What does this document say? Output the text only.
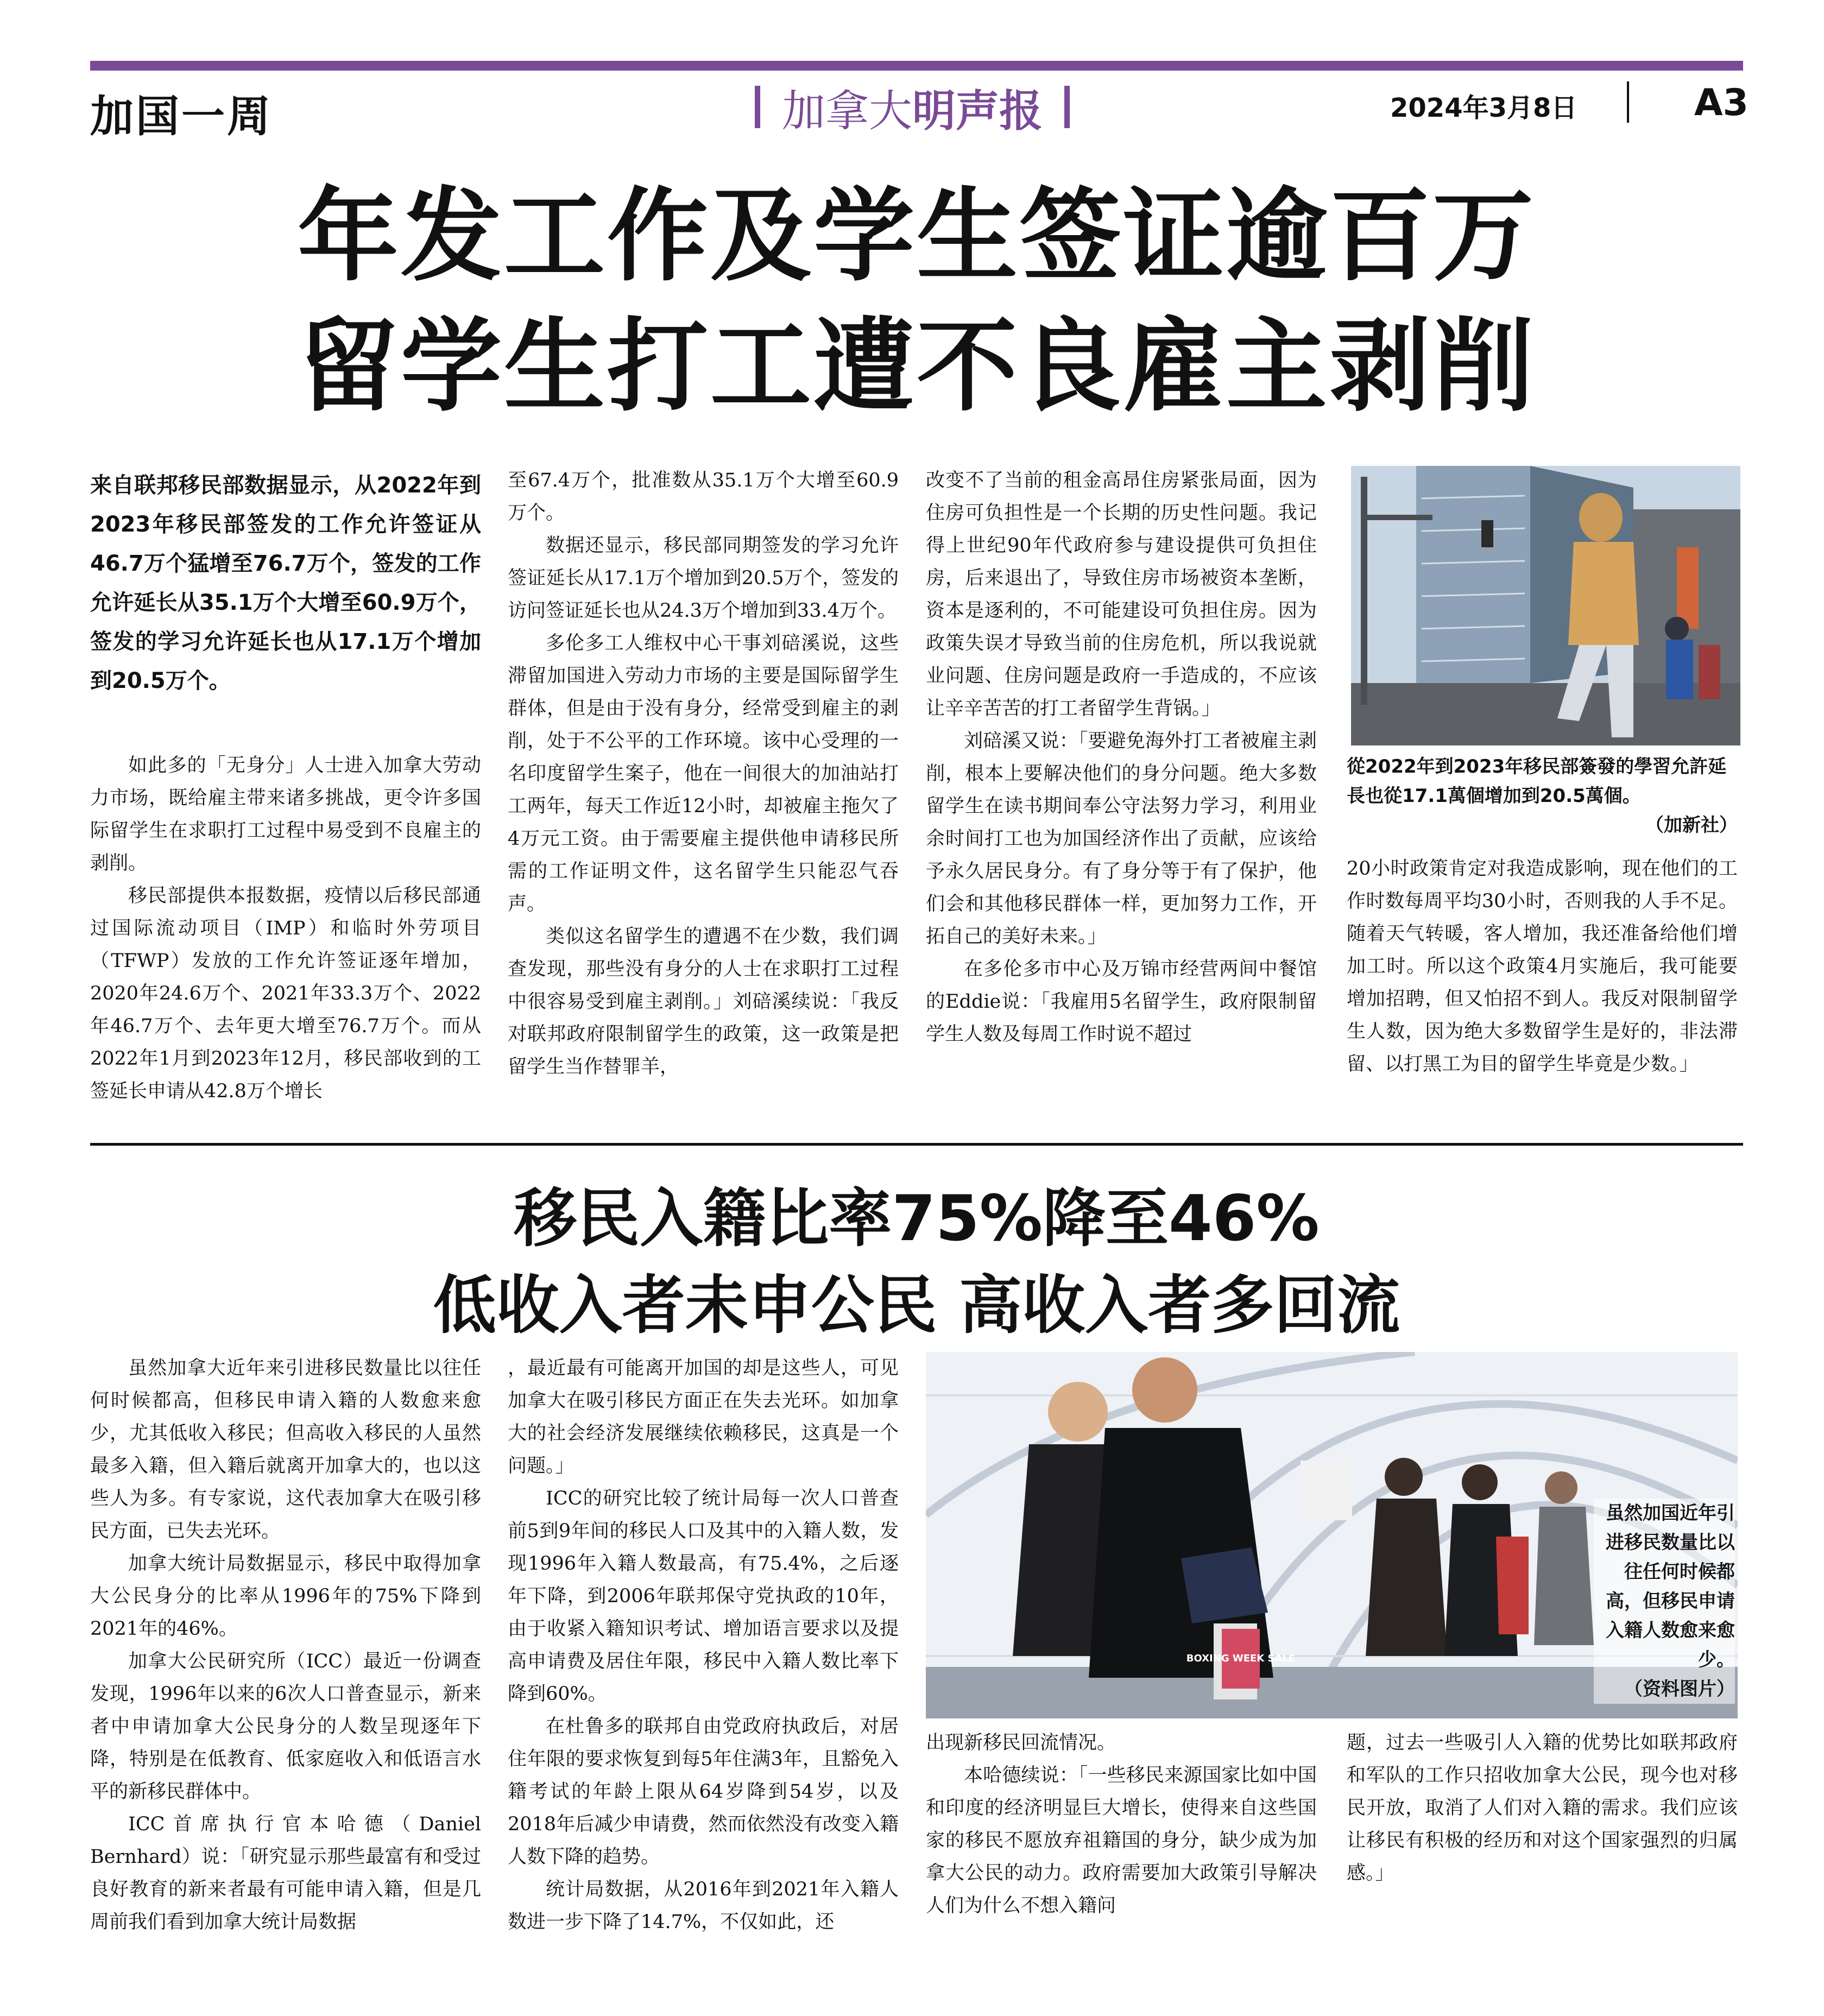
加国一周	加拿大 明声报	2024年3月8日	A3
年发工作及学生签证逾百万
留学生打工遭不良雇主剥削
来自联邦移民部数据显示，从2022年到2023年移民部签发的工作允许签证从46.7万个猛增至76.7万个，签发的工作允许延长从35.1万个大增至60.9万个，签发的学习允许延长也从17.1万个增加到20.5万个。

如此多的「无身分」人士进入加拿大劳动力市场，既给雇主带来诸多挑战，更令许多国际留学生在求职打工过程中易受到不良雇主的剥削。

移民部提供本报数据，疫情以后移民部通过国际流动项目（IMP）和临时外劳项目（TFWP）发放的工作允许签证逐年增加，2020年24.6万个、2021年33.3万个、2022年46.7万个、去年更大增至76.7万个。而从2022年1月到2023年12月，移民部收到的工签延长申请从42.8万个增长

至67.4万个，批准数从35.1万个大增至60.9万个。

数据还显示，移民部同期签发的学习允许签证延长从17.1万个增加到20.5万个，签发的访问签证延长也从24.3万个增加到33.4万个。

多伦多工人维权中心干事刘碚溪说，这些滞留加国进入劳动力市场的主要是国际留学生群体，但是由于没有身分，经常受到雇主的剥削，处于不公平的工作环境。该中心受理的一名印度留学生案子，他在一间很大的加油站打工两年，每天工作近12小时，却被雇主拖欠了4万元工资。由于需要雇主提供他申请移民所需的工作证明文件，这名留学生只能忍气吞声。

类似这名留学生的遭遇不在少数，我们调查发现，那些没有身分的人士在求职打工过程中很容易受到雇主剥削。」刘碚溪续说：「我反对联邦政府限制留学生的政策，这一政策是把留学生当作替罪羊，

改变不了当前的租金高昂住房紧张局面，因为住房可负担性是一个长期的历史性问题。我记得上世纪90年代政府参与建设提供可负担住房，后来退出了，导致住房市场被资本垄断，资本是逐利的，不可能建设可负担住房。因为政策失误才导致当前的住房危机，所以我说就业问题、住房问题是政府一手造成的，不应该让辛辛苦苦的打工者留学生背锅。」

刘碚溪又说：「要避免海外打工者被雇主剥削，根本上要解决他们的身分问题。绝大多数留学生在读书期间奉公守法努力学习，利用业余时间打工也为加国经济作出了贡献，应该给予永久居民身分。有了身分等于有了保护，他们会和其他移民群体一样，更加努力工作，开拓自己的美好未来。」

在多伦多市中心及万锦市经营两间中餐馆的Eddie说：「我雇用5名留学生，政府限制留学生人数及每周工作时说不超过

從2022年到2023年移民部簽發的學習允許延長也從17.1萬個增加到20.5萬個。
（加新社）

20小时政策肯定对我造成影响，现在他们的工作时数每周平均30小时，否则我的人手不足。随着天气转暖，客人增加，我还准备给他们增加工时。所以这个政策4月实施后，我可能要增加招聘，但又怕招不到人。我反对限制留学生人数，因为绝大多数留学生是好的，非法滞留、以打黑工为目的留学生毕竟是少数。」

移民入籍比率75%降至46%
低收入者未申公民 高收入者多回流

虽然加拿大近年来引进移民数量比以往任何时候都高，但移民申请入籍的人数愈来愈少，尤其低收入移民；但高收入移民的人虽然最多入籍，但入籍后就离开加拿大的，也以这些人为多。有专家说，这代表加拿大在吸引移民方面，已失去光环。

加拿大统计局数据显示，移民中取得加拿大公民身分的比率从1996年的75%下降到2021年的46%。

加拿大公民研究所（ICC）最近一份调查发现，1996年以来的6次人口普查显示，新来者中申请加拿大公民身分的人数呈现逐年下降，特别是在低教育、低家庭收入和低语言水平的新移民群体中。

ICC首席执行官本哈德（Daniel Bernhard）说：「研究显示那些最富有和受过良好教育的新来者最有可能申请入籍，但是几周前我们看到加拿大统计局数据

，最近最有可能离开加国的却是这些人，可见加拿大在吸引移民方面正在失去光环。如加拿大的社会经济发展继续依赖移民，这真是一个问题。」

ICC的研究比较了统计局每一次人口普查前5到9年间的移民人口及其中的入籍人数，发现1996年入籍人数最高，有75.4%，之后逐年下降，到2006年联邦保守党执政的10年，由于收紧入籍知识考试、增加语言要求以及提高申请费及居住年限，移民中入籍人数比率下降到60%。

在杜鲁多的联邦自由党政府执政后，对居住年限的要求恢复到每5年住满3年，且豁免入籍考试的年龄上限从64岁降到54岁，以及2018年后减少申请费，然而依然没有改变入籍人数下降的趋势。

统计局数据，从2016年到2021年入籍人数进一步下降了14.7%，不仅如此，还

BOXING WEEK SALE
虽然加国近年引进移民数量比以往任何时候都高，但移民申请入籍人数愈来愈少。
（资料图片）

出现新移民回流情况。

本哈德续说：「一些移民来源国家比如中国和印度的经济明显巨大增长，使得来自这些国家的移民不愿放弃祖籍国的身分，缺少成为加拿大公民的动力。政府需要加大政策引导解决人们为什么不想入籍问

题，过去一些吸引人入籍的优势比如联邦政府和军队的工作只招收加拿大公民，现今也对移民开放，取消了人们对入籍的需求。我们应该让移民有积极的经历和对这个国家强烈的归属感。」
